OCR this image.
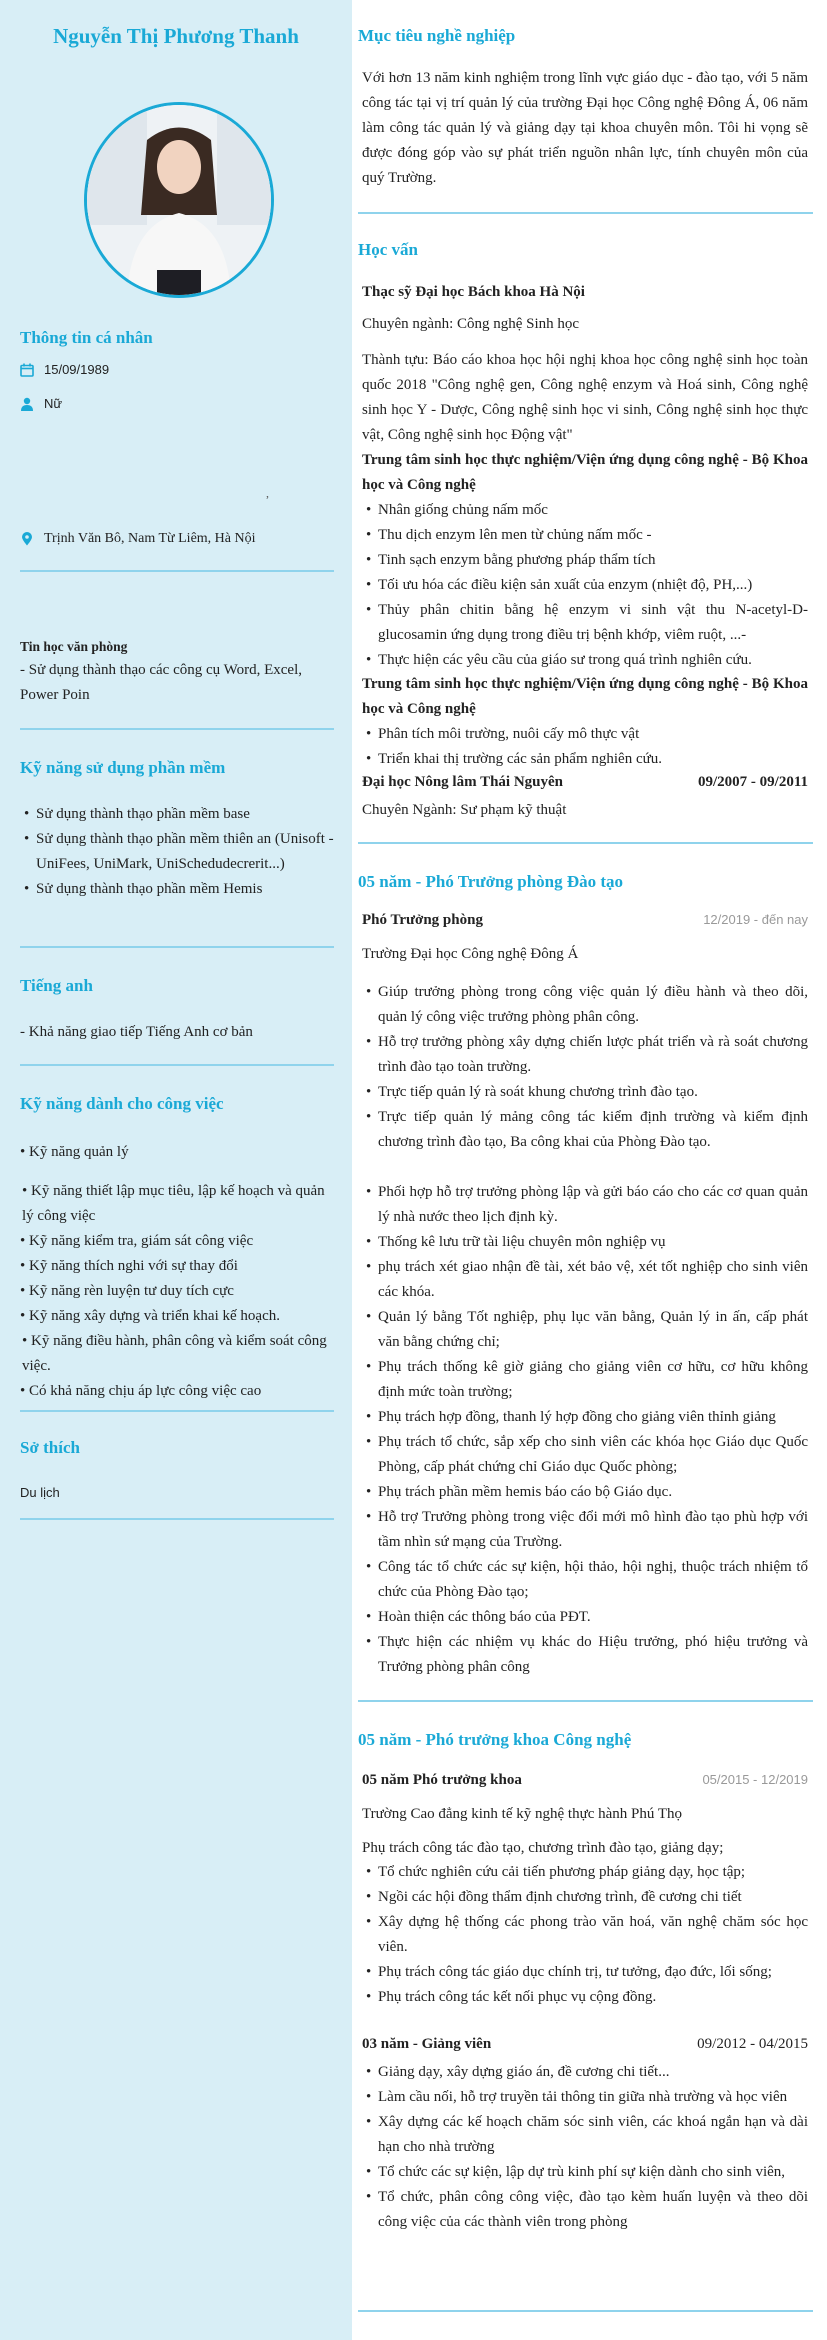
Nguyễn Thị Phương Thanh
Thông tin cá nhân
15/09/1989
Nữ
,
Trịnh Văn Bô, Nam Từ Liêm, Hà Nội
Tin học văn phòng
- Sử dụng thành thạo các công cụ Word, Excel, Power Poin
Kỹ năng sử dụng phần mềm
• Sử dụng thành thạo phần mềm base
• Sử dụng thành thạo phần mềm thiên an (Unisoft - UniFees, UniMark, UniSchedudecrerit...)
• Sử dụng thành thạo phần mềm Hemis
Tiếng anh
- Khả năng giao tiếp Tiếng Anh cơ bản
Kỹ năng dành cho công việc
• Kỹ năng quản lý
• Kỹ năng thiết lập mục tiêu, lập kế hoạch và quản lý công việc
• Kỹ năng kiểm tra, giám sát công việc
• Kỹ năng thích nghi với sự thay đổi
• Kỹ năng rèn luyện tư duy tích cực
• Kỹ năng xây dựng và triển khai kế hoạch.
• Kỹ năng điều hành, phân công và kiểm soát công việc.
• Có khả năng chịu áp lực công việc cao
Sở thích
Du lịch
Mục tiêu nghề nghiệp
Với hơn 13 năm kinh nghiệm trong lĩnh vực giáo dục - đào tạo, với 5 năm công tác tại vị trí quản lý của trường Đại học Công nghệ Đông Á, 06 năm làm công tác quản lý và giảng dạy tại khoa chuyên môn. Tôi hi vọng sẽ được đóng góp vào sự phát triển nguồn nhân lực, tính chuyên môn của quý Trường.
Học vấn
Thạc sỹ Đại học Bách khoa Hà Nội
Chuyên ngành: Công nghệ Sinh học
Thành tựu: Báo cáo khoa học hội nghị khoa học công nghệ sinh học toàn quốc 2018 "Công nghệ gen, Công nghệ enzym và Hoá sinh, Công nghệ sinh học Y - Dược, Công nghệ sinh học vi sinh, Công nghệ sinh học thực vật, Công nghệ sinh học Động vật"
Trung tâm sinh học thực nghiệm/Viện ứng dụng công nghệ - Bộ Khoa học và Công nghệ
• Nhân giống chủng nấm mốc
• Thu dịch enzym lên men từ chủng nấm mốc -
• Tinh sạch enzym bằng phương pháp thẩm tích
• Tối ưu hóa các điều kiện sản xuất của enzym (nhiệt độ, PH,...)
• Thủy phân chitin bằng hệ enzym vi sinh vật thu N-acetyl-D-glucosamin ứng dụng trong điều trị bệnh khớp, viêm ruột, ...-
• Thực hiện các yêu cầu của giáo sư trong quá trình nghiên cứu.
Trung tâm sinh học thực nghiệm/Viện ứng dụng công nghệ - Bộ Khoa học và Công nghệ
• Phân tích môi trường, nuôi cấy mô thực vật
• Triển khai thị trường các sản phẩm nghiên cứu.
Đại học Nông lâm Thái Nguyên	09/2007 - 09/2011
Chuyên Ngành: Sư phạm kỹ thuật
05 năm - Phó Trưởng phòng Đào tạo
Phó Trưởng phòng	12/2019 - đến nay
Trường Đại học Công nghệ Đông Á
• Giúp trưởng phòng trong công việc quản lý điều hành và theo dõi, quản lý công việc trưởng phòng phân công.
• Hỗ trợ trưởng phòng xây dựng chiến lược phát triển và rà soát chương trình đào tạo toàn trường.
• Trực tiếp quản lý rà soát khung chương trình đào tạo.
• Trực tiếp quản lý mảng công tác kiểm định trường và kiểm định chương trình đào tạo, Ba công khai của Phòng Đào tạo.
• Phối hợp hỗ trợ trưởng phòng lập và gửi báo cáo cho các cơ quan quản lý nhà nước theo lịch định kỳ.
• Thống kê lưu trữ tài liệu chuyên môn nghiệp vụ
• phụ trách xét giao nhận đề tài, xét bảo vệ, xét tốt nghiệp cho sinh viên các khóa.
• Quản lý bằng Tốt nghiệp, phụ lục văn bằng, Quản lý in ấn, cấp phát văn bằng chứng chỉ;
• Phụ trách thống kê giờ giảng cho giảng viên cơ hữu, cơ hữu không định mức toàn trường;
• Phụ trách hợp đồng, thanh lý hợp đồng cho giảng viên thỉnh giảng
• Phụ trách tổ chức, sắp xếp cho sinh viên các khóa học Giáo dục Quốc Phòng, cấp phát chứng chỉ Giáo dục Quốc phòng;
• Phụ trách phần mềm hemis báo cáo bộ Giáo dục.
• Hỗ trợ Trưởng phòng trong việc đổi mới mô hình đào tạo phù hợp với tầm nhìn sứ mạng của Trường.
• Công tác tổ chức các sự kiện, hội thảo, hội nghị, thuộc trách nhiệm tổ chức của Phòng Đào tạo;
• Hoàn thiện các thông báo của PĐT.
• Thực hiện các nhiệm vụ khác do Hiệu trưởng, phó hiệu trưởng và Trưởng phòng phân công
05 năm - Phó trưởng khoa Công nghệ
05 năm Phó trưởng khoa	05/2015 - 12/2019
Trường Cao đẳng kinh tế kỹ nghệ thực hành Phú Thọ
Phụ trách công tác đào tạo, chương trình đào tạo, giảng dạy;
• Tổ chức nghiên cứu cải tiến phương pháp giảng dạy, học tập;
• Ngồi các hội đồng thẩm định chương trình, đề cương chi tiết
• Xây dựng hệ thống các phong trào văn hoá, văn nghệ chăm sóc học viên.
• Phụ trách công tác giáo dục chính trị, tư tưởng, đạo đức, lối sống;
• Phụ trách công tác kết nối phục vụ cộng đồng.
03 năm - Giảng viên	09/2012 - 04/2015
• Giảng dạy, xây dựng giáo án, đề cương chi tiết...
• Làm cầu nối, hỗ trợ truyền tải thông tin giữa nhà trường và học viên
• Xây dựng các kế hoạch chăm sóc sinh viên, các khoá ngắn hạn và dài hạn cho nhà trường
• Tổ chức các sự kiện, lập dự trù kinh phí sự kiện dành cho sinh viên,
• Tổ chức, phân công công việc, đào tạo kèm huấn luyện và theo dõi công việc của các thành viên trong phòng
